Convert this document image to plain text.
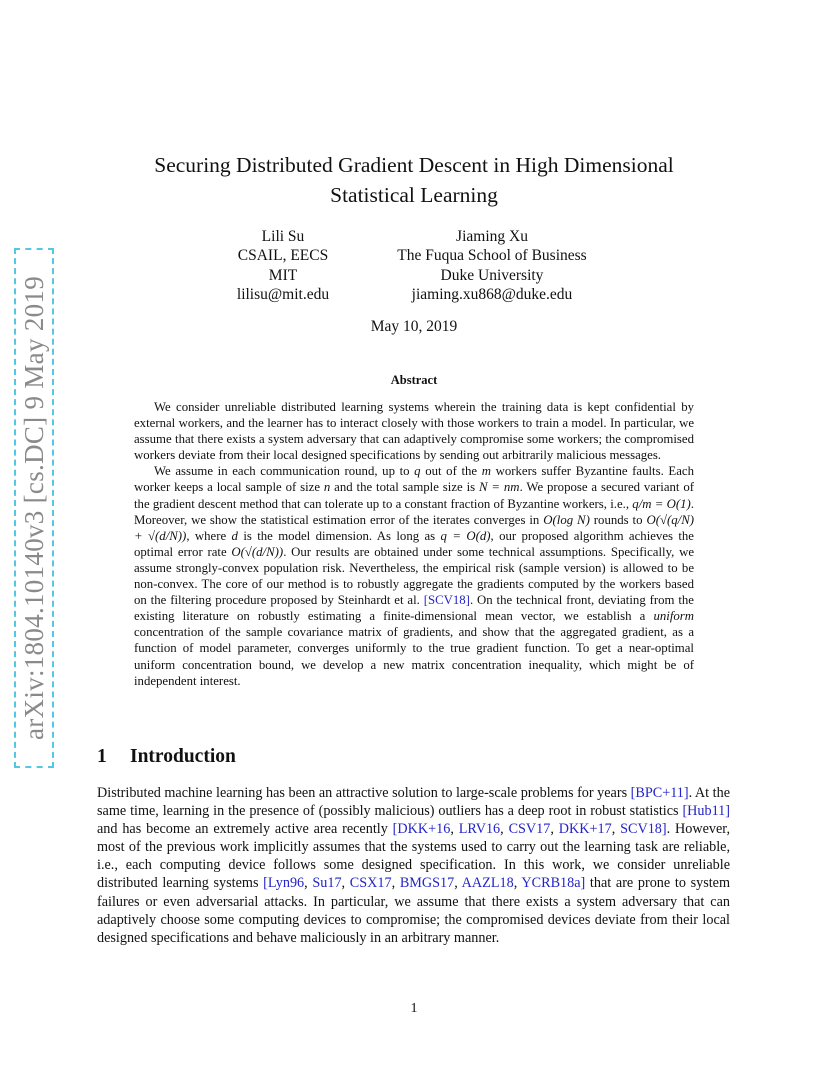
arXiv:1804.10140v3 [cs.DC] 9 May 2019
Securing Distributed Gradient Descent in High Dimensional
Statistical Learning
Lili Su
CSAIL, EECS
MIT
lilisu@mit.edu
Jiaming Xu
The Fuqua School of Business
Duke University
jiaming.xu868@duke.edu
May 10, 2019
Abstract

We consider unreliable distributed learning systems wherein the training data is kept confidential by external workers, and the learner has to interact closely with those workers to train a model. In particular, we assume that there exists a system adversary that can adaptively compromise some workers; the compromised workers deviate from their local designed specifications by sending out arbitrarily malicious messages.

We assume in each communication round, up to q out of the m workers suffer Byzantine faults. Each worker keeps a local sample of size n and the total sample size is N = nm. We propose a secured variant of the gradient descent method that can tolerate up to a constant fraction of Byzantine workers, i.e., q/m = O(1). Moreover, we show the statistical estimation error of the iterates converges in O(log N) rounds to O(√(q/N) + √(d/N)), where d is the model dimension. As long as q = O(d), our proposed algorithm achieves the optimal error rate O(√(d/N)). Our results are obtained under some technical assumptions. Specifically, we assume strongly-convex population risk. Nevertheless, the empirical risk (sample version) is allowed to be non-convex. The core of our method is to robustly aggregate the gradients computed by the workers based on the filtering procedure proposed by Steinhardt et al. [SCV18]. On the technical front, deviating from the existing literature on robustly estimating a finite-dimensional mean vector, we establish a uniform concentration of the sample covariance matrix of gradients, and show that the aggregated gradient, as a function of model parameter, converges uniformly to the true gradient function. To get a near-optimal uniform concentration bound, we develop a new matrix concentration inequality, which might be of independent interest.

1 Introduction

Distributed machine learning has been an attractive solution to large-scale problems for years [BPC+11]. At the same time, learning in the presence of (possibly malicious) outliers has a deep root in robust statistics [Hub11] and has become an extremely active area recently [DKK+16, LRV16, CSV17, DKK+17, SCV18]. However, most of the previous work implicitly assumes that the systems used to carry out the learning task are reliable, i.e., each computing device follows some designed specification. In this work, we consider unreliable distributed learning systems [Lyn96, Su17, CSX17, BMGS17, AAZL18, YCRB18a] that are prone to system failures or even adversarial attacks. In particular, we assume that there exists a system adversary that can adaptively choose some computing devices to compromise; the compromised devices deviate from their local designed specifications and behave maliciously in an arbitrary manner.

1
